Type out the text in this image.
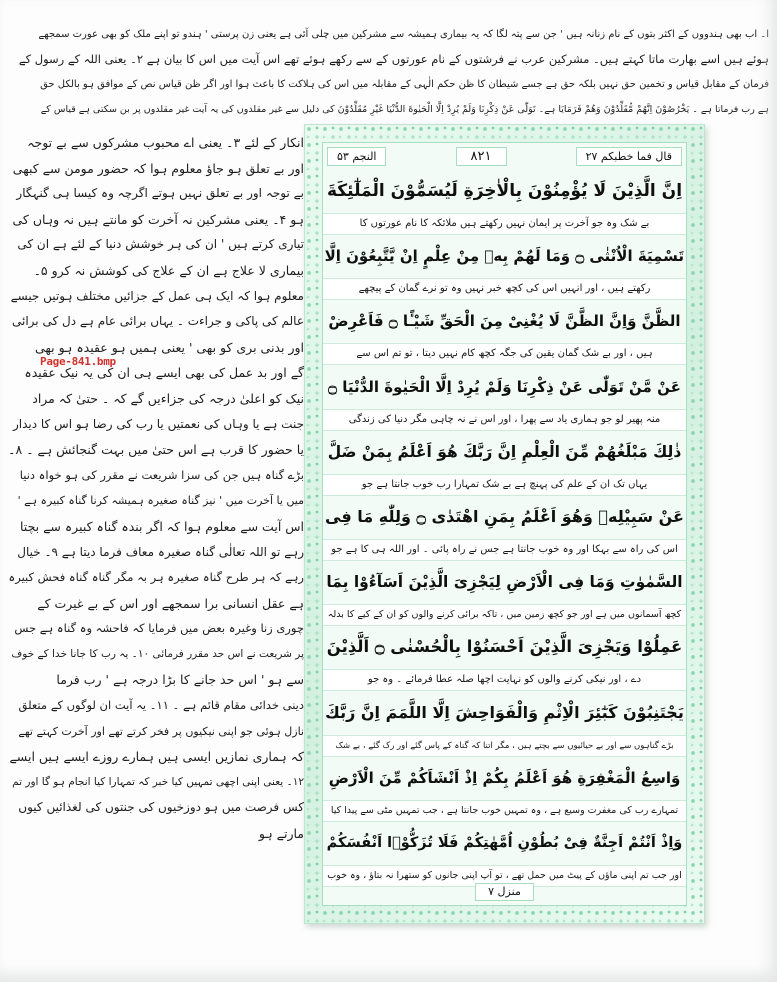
ا۔ اب بھی ہندووں کے اکثر بتوں کے نام زنانہ ہیں ' جن سے پتہ لگا کہ یہ بیماری ہمیشہ سے مشرکین میں چلی آئی ہے یعنی زن پرستی ' ہندو تو اپنے ملک کو بھی عورت سمجھے
ہوئے ہیں اسے بھارت ماتا کہتے ہیں۔ مشرکین عرب نے فرشتوں کے نام عورتوں کے سے رکھے ہوئے تھے اس آیت میں اس کا بیان ہے ۲۔ یعنی اللہ کے رسول کے
فرمان کے مقابل قیاس و تخمین حق نہیں بلکہ حق ہے جسے شیطان کا ظن حکم الٰہی کے مقابلہ میں اس کی ہلاکت کا باعث ہوا اور اگر ظن قیاس نص کے موافق ہو بالکل حق
ہے رب فرماتا ہے ۔ یَخْرُصُوْنَ اِنَّهُمْ مُّقَلِّدُوْنَ وَهُمْ فَرَمَایَا ہے۔ تَوَلّٰى عَنْ ذِكْرِنَا وَلَمْ یُرِدْ اِلَّا الْحَیٰوةَ الدُّنْیَا غَیْرِ مُقَلِّدُوْنَ کی دلیل سے غیر مقلدوں کی یہ آیت غیر مقلدوں پر بن سکتی ہے قیاس کے
انکار کے لئے ۳۔ یعنی اے محبوب مشرکوں سے بے توجہ
اور بے تعلق ہو جاؤ معلوم ہوا کہ حضور مومن سے کبھی
بے توجہ اور بے تعلق نہیں ہوتے اگرچہ وہ کیسا ہی گنہگار
ہو ۴۔ یعنی مشرکین نہ آخرت کو مانتے ہیں نہ وہاں کی
تیاری کرتے ہیں ' ان کی ہر خوشش دنیا کے لئے ہے ان کی
بیماری لا علاج ہے ان کے علاج کی کوشش نہ کرو ۵۔
معلوم ہوا کہ ایک ہی عمل کے جزائیں مختلف ہوتیں جیسے
عالم کی پاکی و جراءت ۔ یہاں برائی عام ہے دل کی برائی
اور بدنی بری کو بھی ' یعنی ہمیں ہو عقیدہ ہو بھی
گے اور بد عمل کی بھی ایسے ہی ان کی یہ نیک عقیدہ
نیک کو اعلیٰ درجہ کی جزاءیں گے کہ ۔ حتیٰ کہ مراد
جنت ہے یا وہاں کی نعمتیں یا رب کی رضا ہو اس کا دیدار
یا حضور کا قرب ہے اس حتیٰ میں بہت گنجائش ہے ۔ ۸۔
بڑے گناہ ہیں جن کی سزا شریعت نے مقرر کی ہو خواہ دنیا
میں یا آخرت میں ' نیز گناہ صغیرہ ہمیشہ کرنا گناہ کبیرہ ہے '
اس آیت سے معلوم ہوا کہ اگر بندہ گناہ کبیرہ سے بچتا
رہے تو اللہ تعالٰی گناہ صغیرہ معاف فرما دیتا ہے ۹۔ خیال
رہے کہ ہر طرح گناہ صغیرہ ہر بہ مگر گناہ گناہ فحش کبیرہ
ہے عقل انسانی برا سمجھے اور اس کے بے غیرت کے
چوری زنا وغیرہ بعض میں فرمایا کہ فاحشہ وہ گناہ ہے جس
پر شریعت نے اس حد مقرر فرمائی ۱۰۔ یہ رب کا جانا خدا کے خوف
سے ہو ' اس حد جانے کا بڑا درجہ ہے ' رب فرما
دینی خدائی مقام قائم ہے ۔ ۱۱۔ یہ آیت ان لوگوں کے متعلق
نازل ہوئی جو اپنی نیکیوں پر فخر کرتے تھے اور آخرت کہتے تھے
کہ ہماری نمازیں ایسی ہیں ہمارے روزے ایسے ہیں ایسے
۱۲۔ یعنی اپنی اچھی تمہیں کیا خبر کہ تمہارا کیا انجام ہو گا اور تم
کس فرصت میں ہو دوزخیوں کی جنتوں کی لغذائیں کیوں
مارتے ہو
النجم ۵۳	۸۲۱	قال فما خطبكم ۲۷
اِنَّ الَّذِیْنَ لَا یُؤْمِنُوْنَ بِالْاٰخِرَةِ لَیُسَمُّوْنَ الْمَلٰٓئِكَةَ
بے شک وہ جو آخرت پر ایمان نہیں رکھتے ہیں ملائکہ کا نام عورتوں کا
تَسْمِیَةَ الْاُنْثٰى ۝ وَمَا لَهُمْ بِهٖ مِنْ عِلْمٍ اِنْ یَّتَّبِعُوْنَ اِلَّا
رکھتے ہیں ، اور انہیں اس کی کچھ خبر نہیں وہ تو نرے گمان کے پیچھے
الظَّنَّ وَاِنَّ الظَّنَّ لَا یُغْنِیْ مِنَ الْحَقِّ شَیْـًٔا ۝ فَاَعْرِضْ
ہیں ، اور بے شک گمان یقین کی جگہ کچھ کام نہیں دیتا ، تو تم اس سے
عَنْ مَّنْ تَوَلّٰى عَنْ ذِكْرِنَا وَلَمْ یُرِدْ اِلَّا الْحَیٰوةَ الدُّنْیَا ۝
منہ پھیر لو جو ہماری یاد سے پھرا ، اور اس نے نہ چاہی مگر دنیا کی زندگی
ذٰلِكَ مَبْلَغُهُمْ مِّنَ الْعِلْمِ اِنَّ رَبَّكَ هُوَ اَعْلَمُ بِمَنْ ضَلَّ
یہاں تک ان کے علم کی پہنچ ہے بے شک تمہارا رب خوب جانتا ہے جو
عَنْ سَبِیْلِهٖ وَهُوَ اَعْلَمُ بِمَنِ اهْتَدٰى ۝ وَلِلّٰهِ مَا فِی
اس کی راہ سے بہکا اور وہ خوب جانتا ہے جس نے راہ پائی ۔ اور اللہ ہی کا ہے جو
السَّمٰوٰتِ وَمَا فِی الْاَرْضِ لِیَجْزِیَ الَّذِیْنَ اَسَآءُوْا بِمَا
کچھ آسمانوں میں ہے اور جو کچھ زمین میں ، تاکہ برائی کرنے والوں کو ان کے کیے کا بدلہ
عَمِلُوْا وَیَجْزِیَ الَّذِیْنَ اَحْسَنُوْا بِالْحُسْنٰى ۝ اَلَّذِیْنَ
دے ، اور نیکی کرنے والوں کو نہایت اچھا صلہ عطا فرمائے ۔ وہ جو
یَجْتَنِبُوْنَ كَبٰٓئِرَ الْاِثْمِ وَالْفَوَاحِشَ اِلَّا اللَّمَمَ اِنَّ رَبَّكَ
بڑے گناہوں سے اور بے حیائیوں سے بچتے ہیں ، مگر اتنا کہ گناہ کے پاس گئے اور رک گئے ، بے شک
وَاسِعُ الْمَغْفِرَةِ هُوَ اَعْلَمُ بِكُمْ اِذْ اَنْشَاَكُمْ مِّنَ الْاَرْضِ
تمہارے رب کی مغفرت وسیع ہے ، وہ تمہیں خوب جانتا ہے ، جب تمہیں مٹی سے پیدا کیا
وَاِذْ اَنْتُمْ اَجِنَّةٌ فِیْ بُطُوْنِ اُمَّهٰتِكُمْ فَلَا تُزَكُّوْۤا اَنْفُسَكُمْ
اور جب تم اپنی ماؤں کے پیٹ میں حمل تھے ، تو آپ اپنی جانوں کو ستھرا نہ بتاؤ ، وہ خوب
منزل ۷
Page-841.bmp
